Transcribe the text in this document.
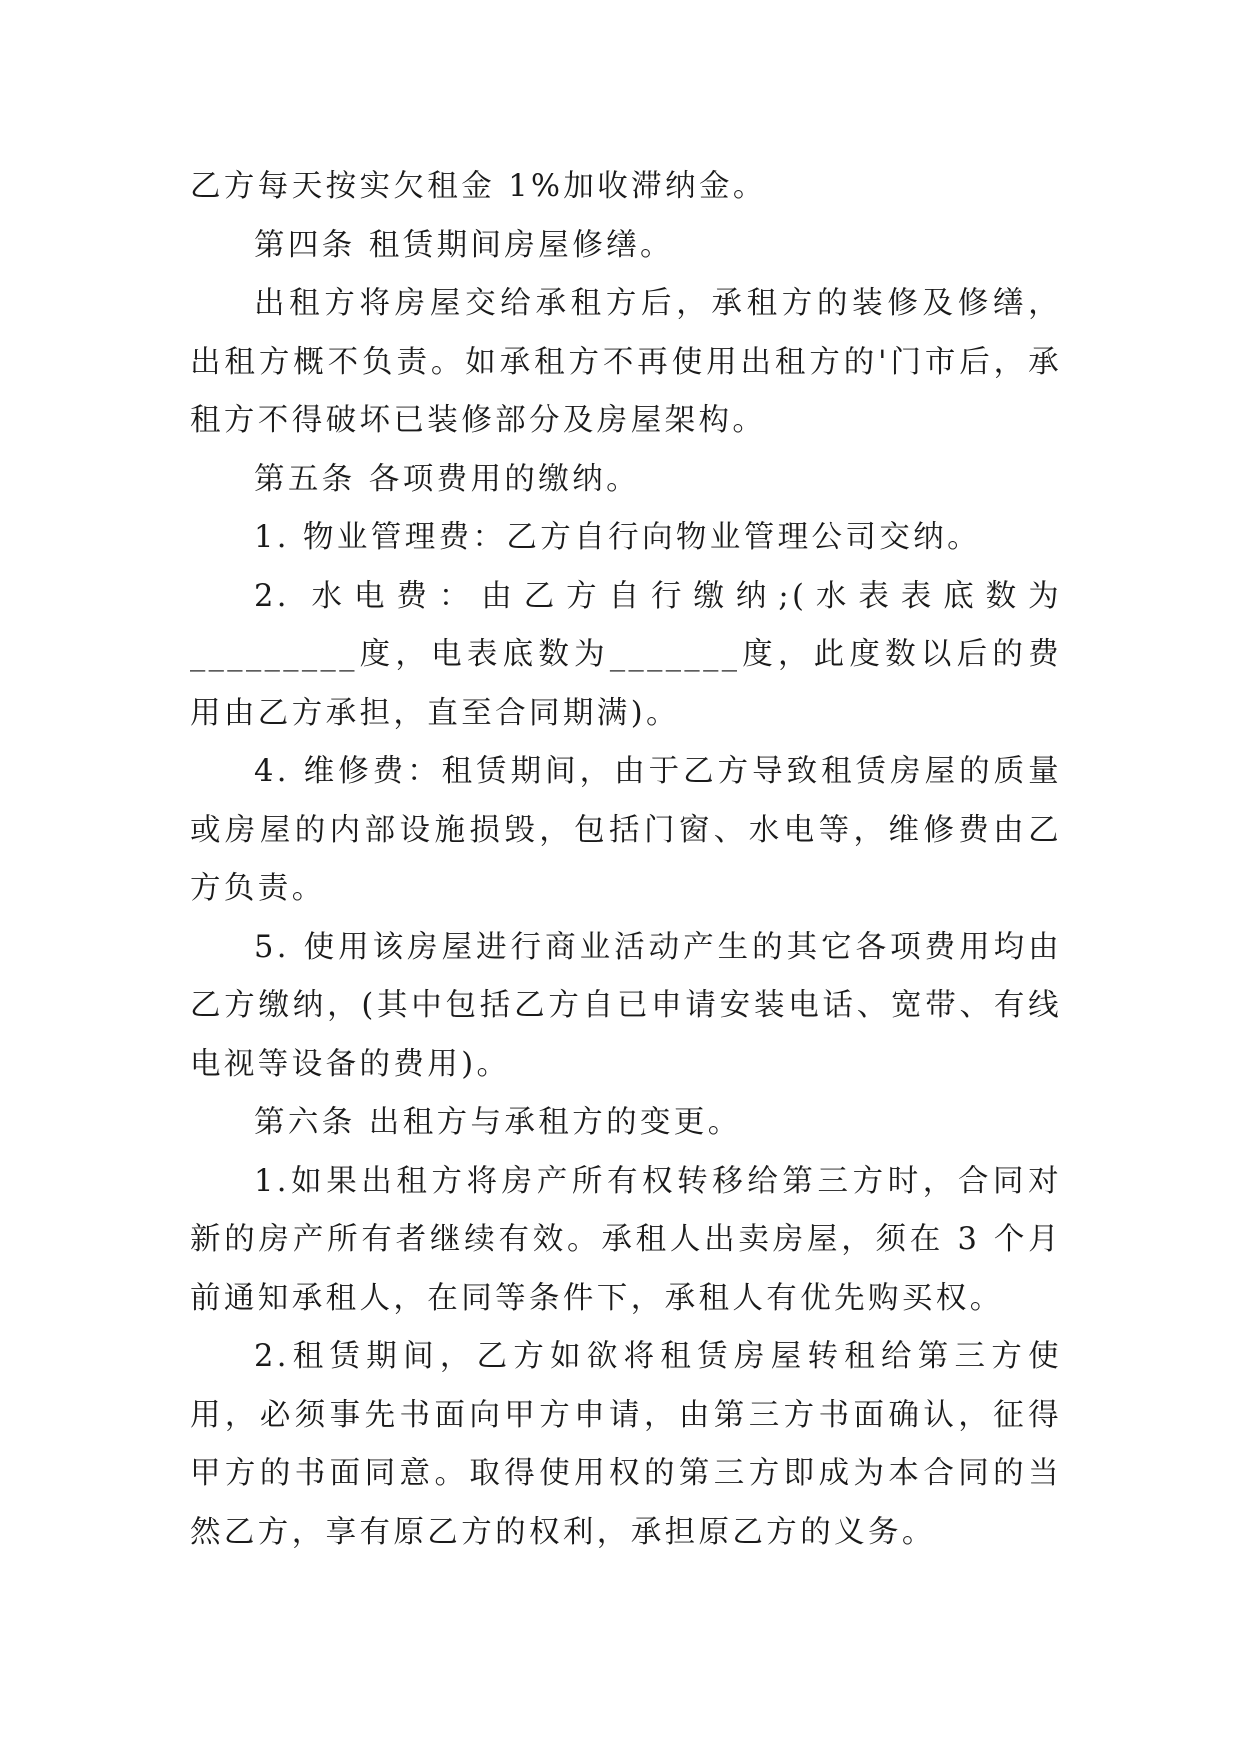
乙方每天按实欠租金 1%加收滞纳金。

第四条 租赁期间房屋修缮。

出租方将房屋交给承租方后，承租方的装修及修缮，出租方概不负责。如承租方不再使用出租方的'门市后，承租方不得破坏已装修部分及房屋架构。

第五条 各项费用的缴纳。

1. 物业管理费：乙方自行向物业管理公司交纳。

2. 水电费：由乙方自行缴纳;(水表表底数为_________度，电表底数为_______度，此度数以后的费用由乙方承担，直至合同期满)。

4. 维修费：租赁期间，由于乙方导致租赁房屋的质量或房屋的内部设施损毁，包括门窗、水电等，维修费由乙方负责。

5. 使用该房屋进行商业活动产生的其它各项费用均由乙方缴纳，(其中包括乙方自已申请安装电话、宽带、有线电视等设备的费用)。

第六条 出租方与承租方的变更。

1.如果出租方将房产所有权转移给第三方时，合同对新的房产所有者继续有效。承租人出卖房屋，须在 3 个月前通知承租人，在同等条件下，承租人有优先购买权。

2.租赁期间，乙方如欲将租赁房屋转租给第三方使用，必须事先书面向甲方申请，由第三方书面确认，征得甲方的书面同意。取得使用权的第三方即成为本合同的当然乙方，享有原乙方的权利，承担原乙方的义务。
